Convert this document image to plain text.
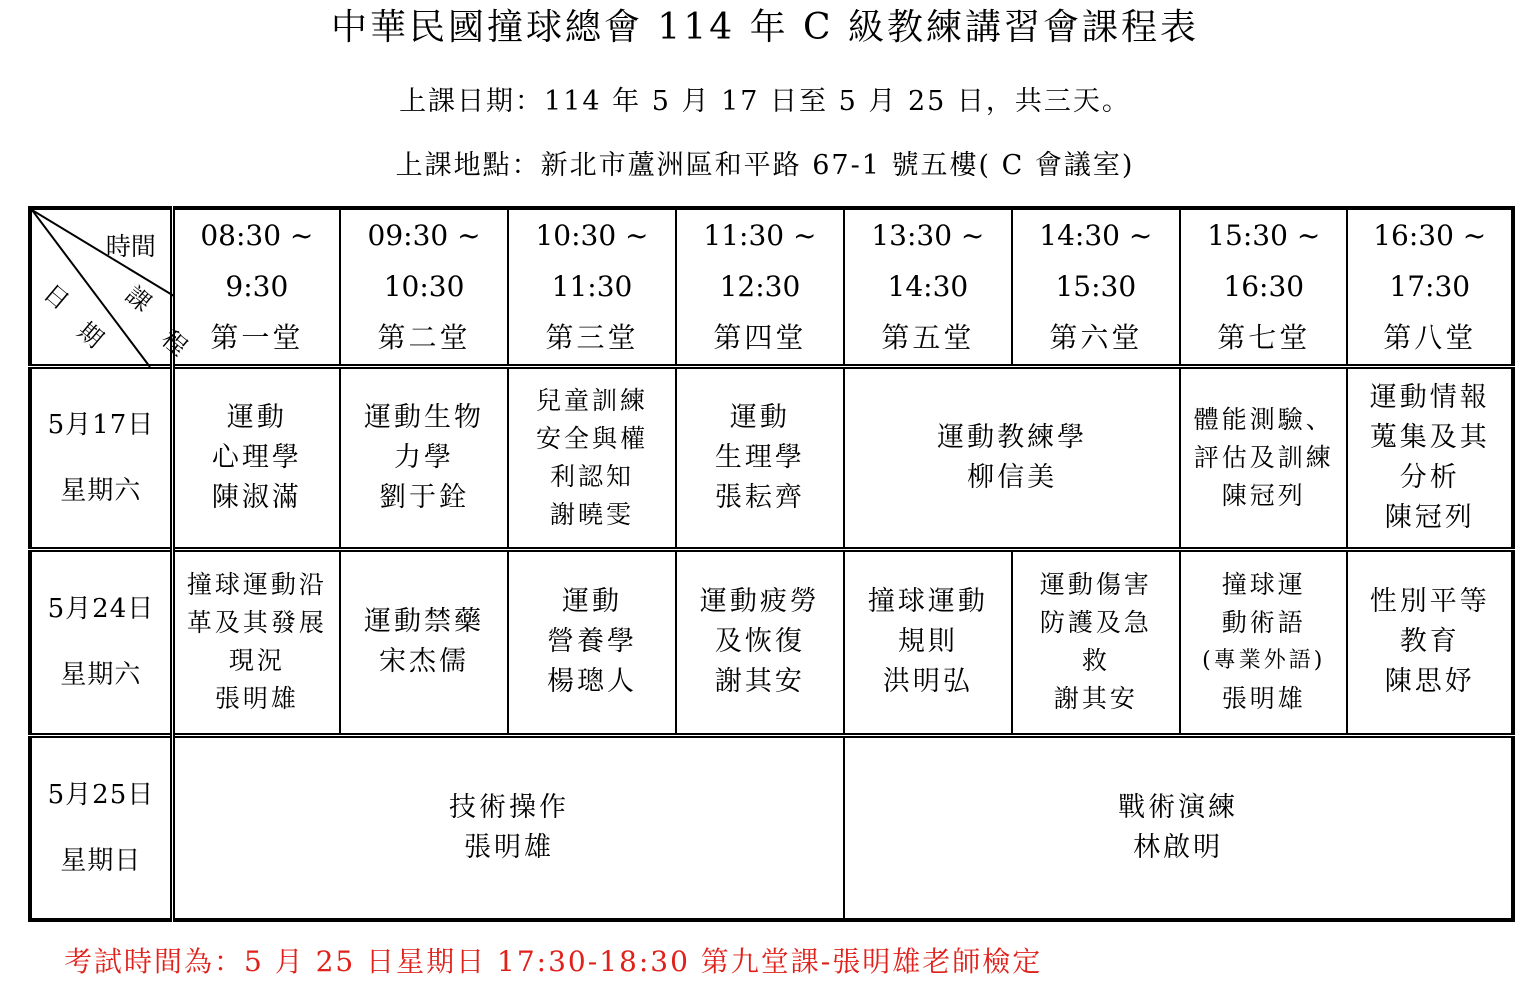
中華民國撞球總會 114 年 C 級教練講習會課程表
上課日期：114 年 5 月 17 日至 5 月 25 日，共三天。
上課地點：新北市蘆洲區和平路 67-1 號五樓( C 會議室)
時間
課
程
日
期	08:30 ~
9:30
第一堂	09:30 ~
10:30
第二堂	10:30 ~
11:30
第三堂	11:30 ~
12:30
第四堂	13:30 ~
14:30
第五堂	14:30 ~
15:30
第六堂	15:30 ~
16:30
第七堂	16:30 ~
17:30
第八堂

5月17日
星期六	運動
心理學
陳淑滿	運動生物
力學
劉于銓	兒童訓練
安全與權
利認知
謝曉雯	運動
生理學
張耘齊	運動教練學
柳信美		體能測驗、
評估及訓練
陳冠列	運動情報
蒐集及其
分析
陳冠列

5月24日
星期六	撞球運動沿
革及其發展
現況
張明雄	運動禁藥
宋杰儒	運動
營養學
楊璁人	運動疲勞
及恢復
謝其安	撞球運動
規則
洪明弘	運動傷害
防護及急
救
謝其安	撞球運
動術語
(專業外語)
張明雄	性別平等
教育
陳思妤

5月25日
星期日	技術操作
張明雄				戰術演練
林啟明			
考試時間為：5 月 25 日星期日 17:30-18:30 第九堂課-張明雄老師檢定
